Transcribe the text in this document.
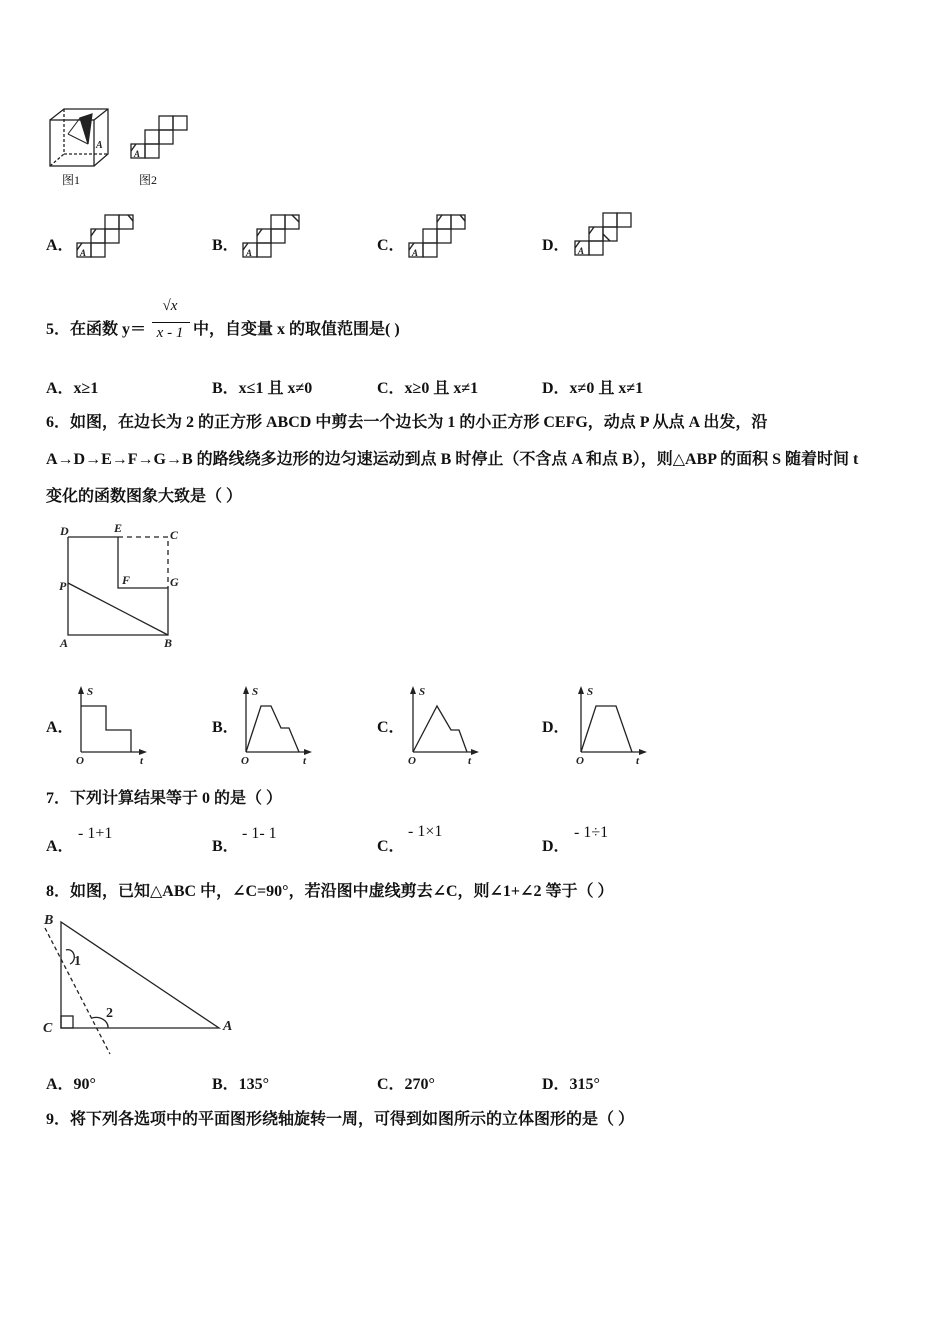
A
图1
A
图2
A． A	B． A	C． A	D． A
5．在函数 y＝
√x
x - 1 中，自变量 x 的取值范围是( )
A．x≥1	B．x≤1 且 x≠0	C．x≥0 且 x≠1	D．x≠0 且 x≠1
6．如图，在边长为 2 的正方形 ABCD 中剪去一个边长为 1 的小正方形 CEFG，动点 P 从点 A 出发，沿
A→D→E→F→G→B 的路线绕多边形的边匀速运动到点 B 时停止（不含点 A 和点 B），则△ABP 的面积 S 随着时间 t
变化的函数图象大致是（ ）
D	E	C
P	F	G
A	B
A．
S
t
O
B．
S
t
O
C．
S
t
O
D．
S
t
O
7．下列计算结果等于 0 的是（ ）
A．
- 1+1
B．
- 1- 1
C．
- 1×1
D．
- 1÷1
8．如图，已知△ABC 中，∠C=90°，若沿图中虚线剪去∠C，则∠1+∠2 等于（ ）
B
C	A
1
2
A．90°	B．135°	C．270°	D．315°
9．将下列各选项中的平面图形绕轴旋转一周，可得到如图所示的立体图形的是（ ）
